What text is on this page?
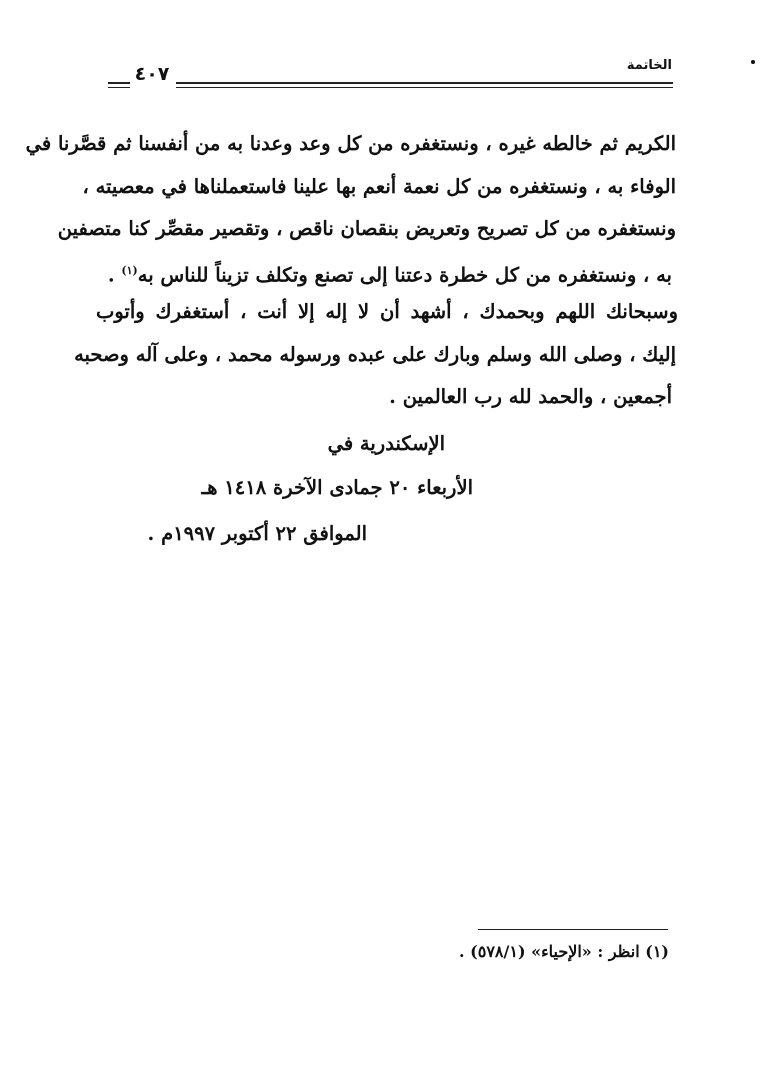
الخاتمة
٤٠٧
الكريم ثم خالطه غيره ، ونستغفره من كل وعد وعدنا به من أنفسنا ثم قصَّرنا في
الوفاء به ، ونستغفره من كل نعمة أنعم بها علينا فاستعملناها في معصيته ،
ونستغفره من كل تصريح وتعريض بنقصان ناقص ، وتقصير مقصِّر كنا متصفين
به ، ونستغفره من كل خطرة دعتنا إلى تصنع وتكلف تزيناً للناس به$^{(١)}$ .
وسبحانك اللهم وبحمدك ، أشهد أن لا إله إلا أنت ، أستغفرك وأتوب
إليك ، وصلى الله وسلم وبارك على عبده ورسوله محمد ، وعلى آله وصحبه
أجمعين ، والحمد لله رب العالمين .
الإسكندرية في
الأربعاء ٢٠ جمادى الآخرة ١٤١٨ هـ
الموافق ٢٢ أكتوبر ١٩٩٧م .
(١) انظر : «الإحياء» (٥٧٨/١) .
